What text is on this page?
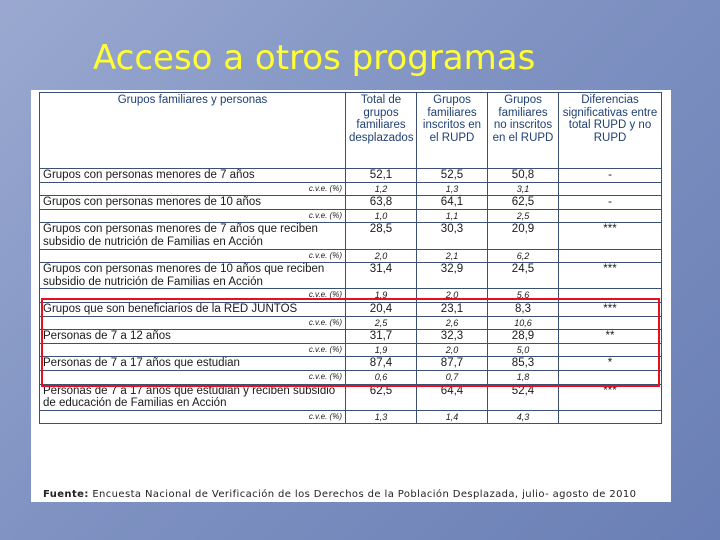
Acceso a otros programas
Grupos familiares y personas	Total de grupos familiares desplazados	Grupos familiares inscritos en el RUPD	Grupos familiares no inscritos en el RUPD	Diferencias significativas entre total RUPD y no RUPD
Grupos con personas menores de 7 años	52,1	52,5	50,8	-
c.v.e. (%)	1,2	1,3	3,1	
Grupos con personas menores de 10 años	63,8	64,1	62,5	-
c.v.e. (%)	1,0	1,1	2,5	
Grupos con personas menores de 7 años que reciben subsidio de nutrición de Familias en Acción	28,5	30,3	20,9	***
c.v.e. (%)	2,0	2,1	6,2	
Grupos con personas menores de 10 años que reciben subsidio de nutrición de Familias en Acción	31,4	32,9	24,5	***
c.v.e. (%)	1,9	2,0	5,6	
Grupos que son beneficiarios de la RED JUNTOS	20,4	23,1	8,3	***
c.v.e. (%)	2,5	2,6	10,6	
Personas de 7 a 12 años	31,7	32,3	28,9	**
c.v.e. (%)	1,9	2,0	5,0	
Personas de 7 a 17 años que estudian	87,4	87,7	85,3	*
c.v.e. (%)	0,6	0,7	1,8	
Personas de 7 a 17 años que estudian y reciben subsidio de educación de Familias en Acción	62,5	64,4	52,4	***
c.v.e. (%)	1,3	1,4	4,3	
Fuente: Encuesta Nacional de Verificación de los Derechos de la Población Desplazada, julio- agosto de 2010
